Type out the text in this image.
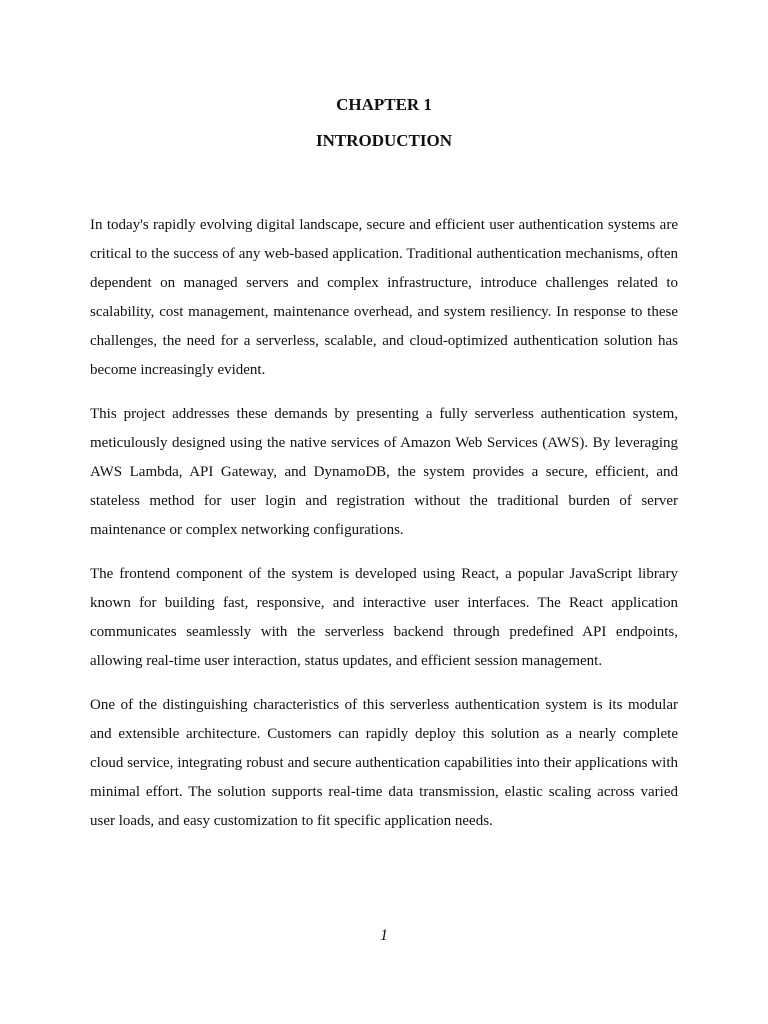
CHAPTER 1
INTRODUCTION

In today's rapidly evolving digital landscape, secure and efficient user authentication systems are critical to the success of any web-based application. Traditional authentication mechanisms, often dependent on managed servers and complex infrastructure, introduce challenges related to scalability, cost management, maintenance overhead, and system resiliency. In response to these challenges, the need for a serverless, scalable, and cloud-optimized authentication solution has become increasingly evident.

This project addresses these demands by presenting a fully serverless authentication system, meticulously designed using the native services of Amazon Web Services (AWS). By leveraging AWS Lambda, API Gateway, and DynamoDB, the system provides a secure, efficient, and stateless method for user login and registration without the traditional burden of server maintenance or complex networking configurations.

The frontend component of the system is developed using React, a popular JavaScript library known for building fast, responsive, and interactive user interfaces. The React application communicates seamlessly with the serverless backend through predefined API endpoints, allowing real-time user interaction, status updates, and efficient session management.

One of the distinguishing characteristics of this serverless authentication system is its modular and extensible architecture. Customers can rapidly deploy this solution as a nearly complete cloud service, integrating robust and secure authentication capabilities into their applications with minimal effort. The solution supports real-time data transmission, elastic scaling across varied user loads, and easy customization to fit specific application needs.

1
